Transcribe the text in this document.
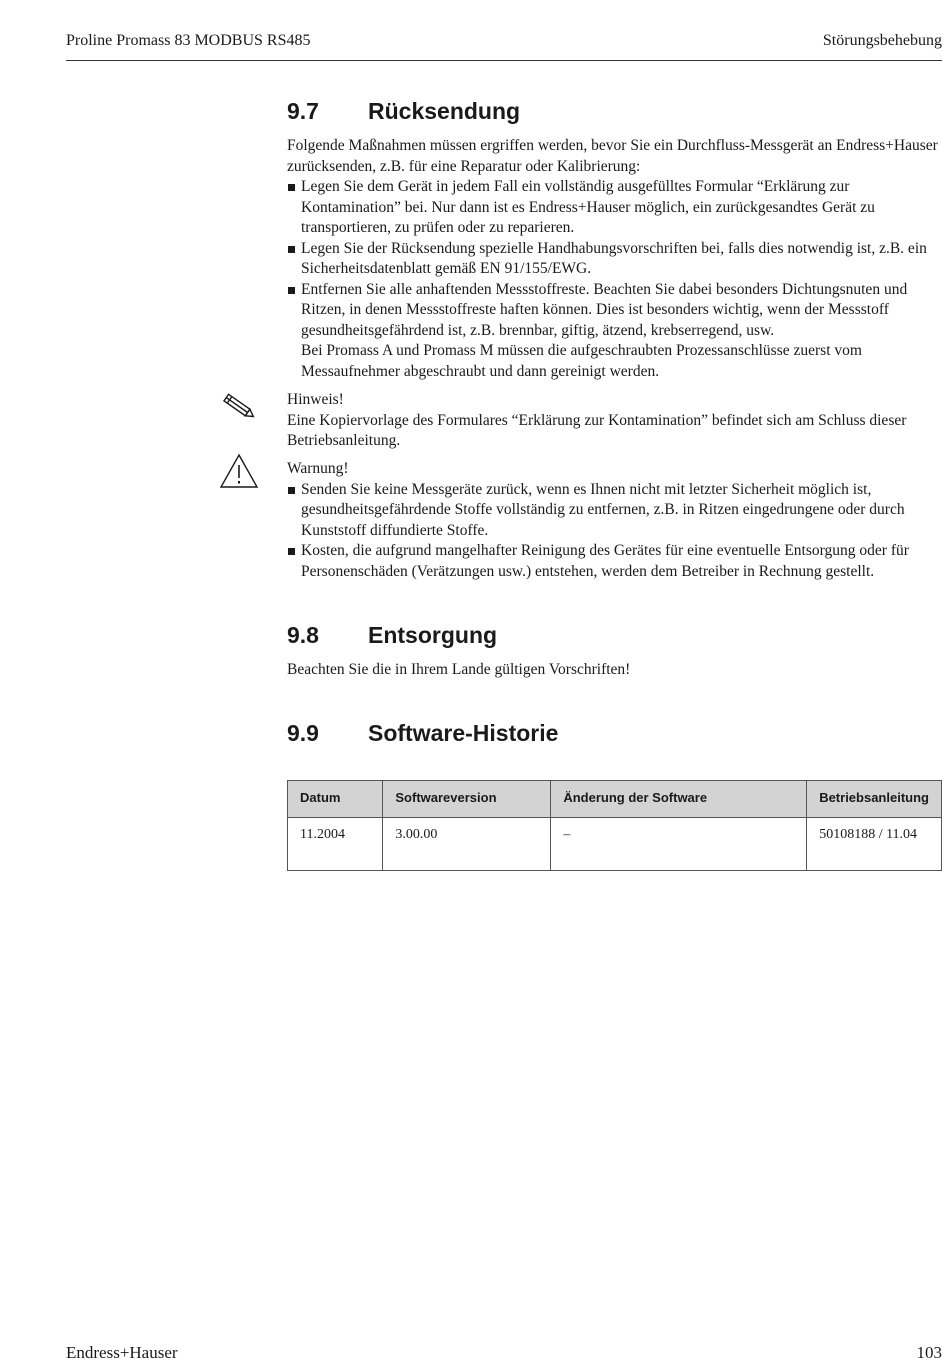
Proline Promass 83 MODBUS RS485	Störungsbehebung
9.7 Rücksendung

Folgende Maßnahmen müssen ergriffen werden, bevor Sie ein Durchfluss-Messgerät an Endress+Hauser zurücksenden, z.B. für eine Reparatur oder Kalibrierung:

Legen Sie dem Gerät in jedem Fall ein vollständig ausgefülltes Formular “Erklärung zur Kontamination” bei. Nur dann ist es Endress+Hauser möglich, ein zurückgesandtes Gerät zu transportieren, zu prüfen oder zu reparieren.
Legen Sie der Rücksendung spezielle Handhabungsvorschriften bei, falls dies notwendig ist, z.B. ein Sicherheitsdatenblatt gemäß EN 91/155/EWG.
Entfernen Sie alle anhaftenden Messstoffreste. Beachten Sie dabei besonders Dichtungsnuten und Ritzen, in denen Messstoffreste haften können. Dies ist besonders wichtig, wenn der Messstoff gesundheitsgefährdend ist, z.B. brennbar, giftig, ätzend, krebserregend, usw.
Bei Promass A und Promass M müssen die aufgeschraubten Prozessanschlüsse zuerst vom Messaufnehmer abgeschraubt und dann gereinigt werden.

Hinweis!

Eine Kopiervorlage des Formulares “Erklärung zur Kontamination” befindet sich am Schluss dieser Betriebsanleitung.

Warnung!

Senden Sie keine Messgeräte zurück, wenn es Ihnen nicht mit letzter Sicherheit möglich ist, gesundheitsgefährdende Stoffe vollständig zu entfernen, z.B. in Ritzen eingedrungene oder durch Kunststoff diffundierte Stoffe.
Kosten, die aufgrund mangelhafter Reinigung des Gerätes für eine eventuelle Entsorgung oder für Personenschäden (Verätzungen usw.) entstehen, werden dem Betreiber in Rechnung gestellt.
9.8 Entsorgung

Beachten Sie die in Ihrem Lande gültigen Vorschriften!

9.9 Software-Historie
Datum	Softwareversion	Änderung der Software	Betriebsanleitung
11.2004	3.00.00	–	50108188 / 11.04
Endress+Hauser	103
